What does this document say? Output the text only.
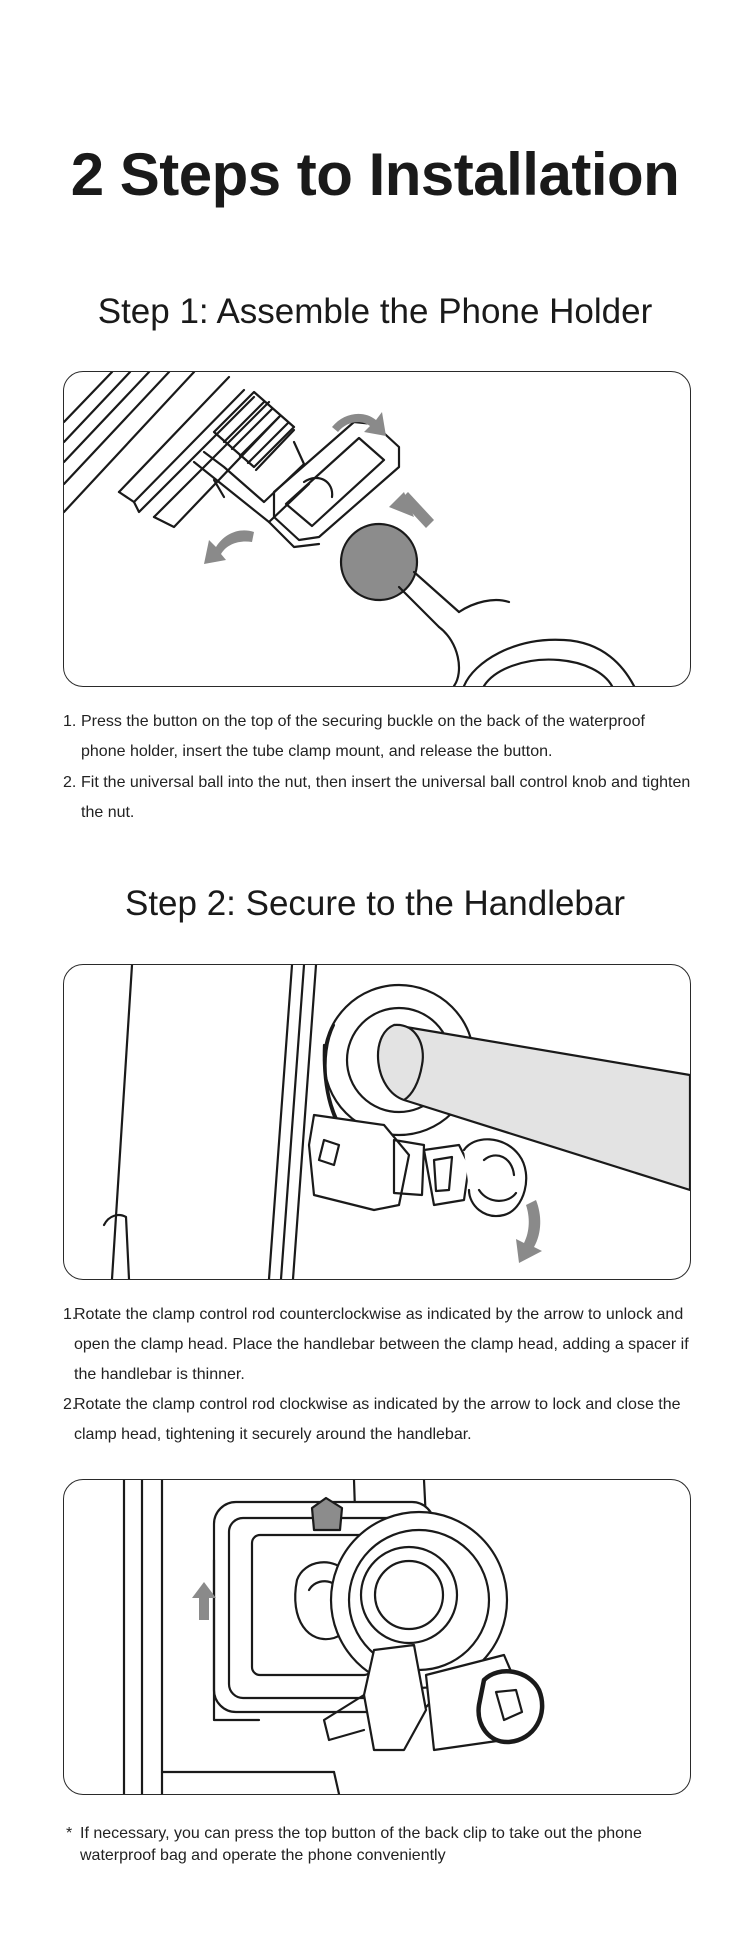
2 Steps to Installation
Step 1: Assemble the Phone Holder
1. Press the button on the top of the securing buckle on the back of the waterproof phone holder, insert the tube clamp mount, and release the button.
2. Fit the universal ball into the nut, then insert the universal ball control knob and tighten the nut.
Step 2: Secure to the Handlebar
1.
Rotate the clamp control rod counterclockwise as indicated by the arrow to unlock and open the clamp head. Place the handlebar between the clamp head, adding a spacer if the handlebar is thinner.
2.
Rotate the clamp control rod clockwise as indicated by the arrow to lock and close the clamp head, tightening it securely around the handlebar.

* If necessary, you can press the top button of the back clip to take out the phone waterproof bag and operate the phone conveniently
